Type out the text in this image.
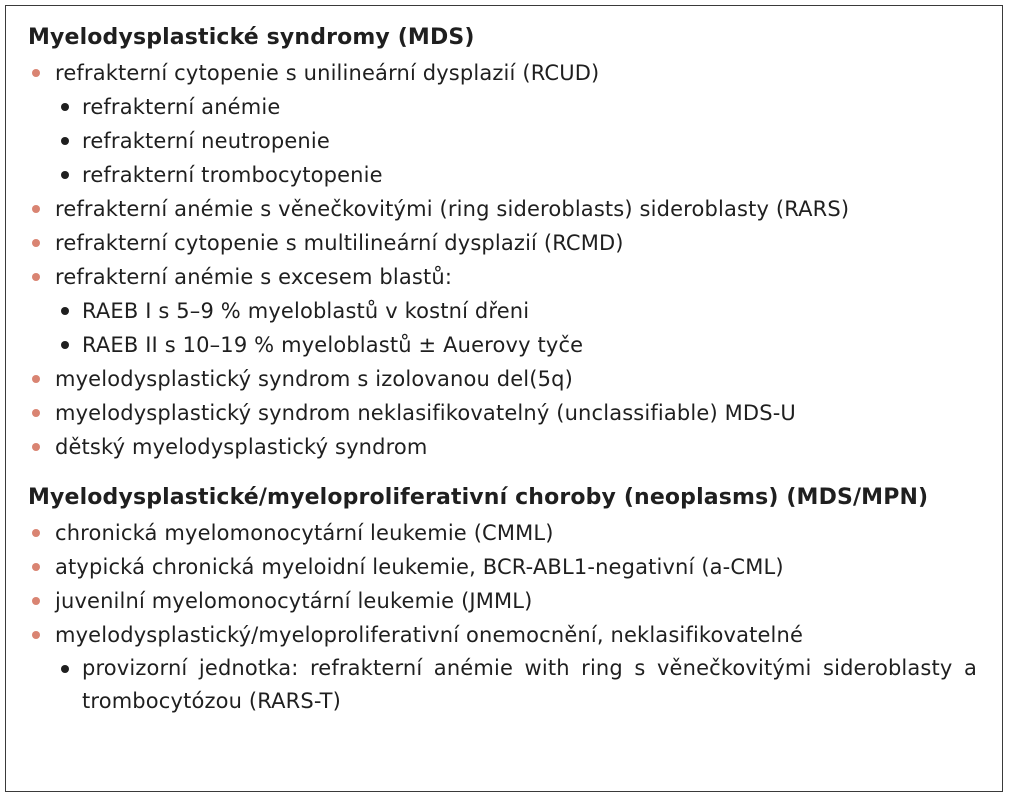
Myelodysplastické syndromy (MDS)
refrakterní cytopenie s unilineární dysplazií (RCUD)
refrakterní anémie
refrakterní neutropenie
refrakterní trombocytopenie
refrakterní anémie s věnečkovitými (ring sideroblasts) sideroblasty (RARS)
refrakterní cytopenie s multilineární dysplazií (RCMD)
refrakterní anémie s excesem blastů:
RAEB I s 5–9 % myeloblastů v kostní dřeni
RAEB II s 10–19 % myeloblastů ± Auerovy tyče
myelodysplastický syndrom s izolovanou del(5q)
myelodysplastický syndrom neklasifikovatelný (unclassifiable) MDS-U
dětský myelodysplastický syndrom
Myelodysplastické/myeloproliferativní choroby (neoplasms) (MDS/MPN)
chronická myelomonocytární leukemie (CMML)
atypická chronická myeloidní leukemie, BCR-ABL1-negativní (a-CML)
juvenilní myelomonocytární leukemie (JMML)
myelodysplastický/myeloproliferativní onemocnění, neklasifikovatelné
provizorní jednotka: refrakterní anémie with ring s věnečkovitými sideroblasty a trombocytózou (RARS-T)
